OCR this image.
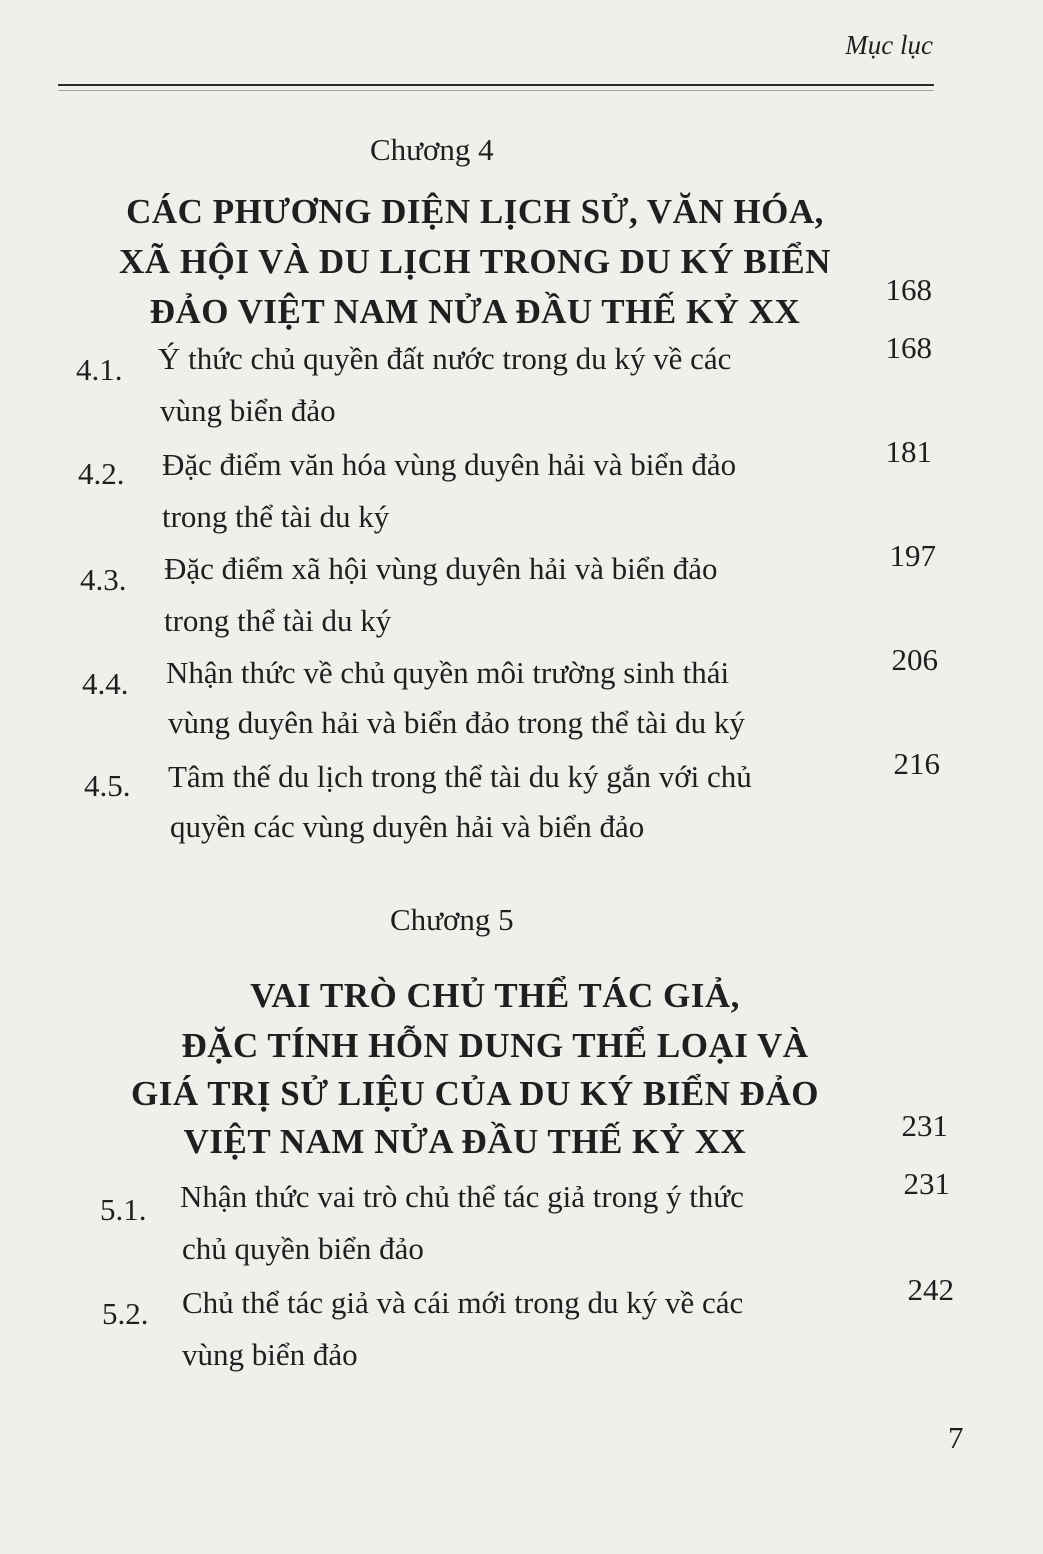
Mục lục
Chương 4
CÁC PHƯƠNG DIỆN LỊCH SỬ, VĂN HÓA,
XÃ HỘI VÀ DU LỊCH TRONG DU KÝ BIỂN
ĐẢO VIỆT NAM NỬA ĐẦU THẾ KỶ XX
168
4.1. Ý thức chủ quyền đất nước trong du ký về các
vùng biển đảo
168
4.2. Đặc điểm văn hóa vùng duyên hải và biển đảo
trong thể tài du ký
181
4.3. Đặc điểm xã hội vùng duyên hải và biển đảo
trong thể tài du ký
197
4.4. Nhận thức về chủ quyền môi trường sinh thái
vùng duyên hải và biển đảo trong thể tài du ký
206
4.5. Tâm thế du lịch trong thể tài du ký gắn với chủ
quyền các vùng duyên hải và biển đảo
216
Chương 5
VAI TRÒ CHỦ THỂ TÁC GIẢ,
ĐẶC TÍNH HỖN DUNG THỂ LOẠI VÀ
GIÁ TRỊ SỬ LIỆU CỦA DU KÝ BIỂN ĐẢO
VIỆT NAM NỬA ĐẦU THẾ KỶ XX	231
5.1. Nhận thức vai trò chủ thể tác giả trong ý thức
chủ quyền biển đảo
231
5.2. Chủ thể tác giả và cái mới trong du ký về các
vùng biển đảo
242
7
